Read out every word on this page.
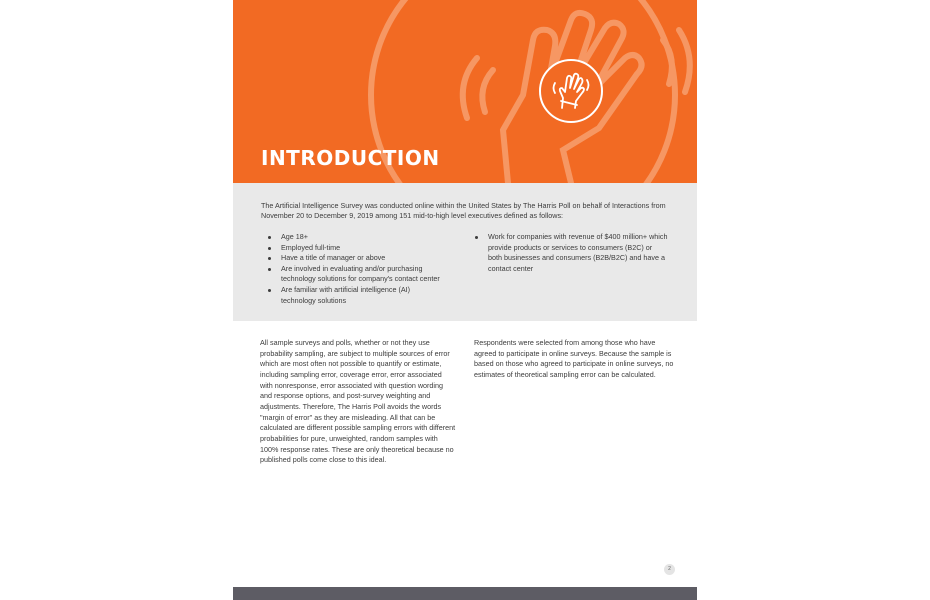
INTRODUCTION

The Artificial Intelligence Survey was conducted online within the United States by The Harris Poll on behalf of Interactions from November 20 to December 9, 2019 among 151 mid-to-high level executives defined as follows:

Age 18+
Employed full-time
Have a title of manager or above
Are involved in evaluating and/or purchasing technology solutions for company's contact center
Are familiar with artificial intelligence (AI) technology solutions
Work for companies with revenue of $400 million+ which provide products or services to consumers (B2C) or both businesses and consumers (B2B/B2C) and have a contact center

All sample surveys and polls, whether or not they use probability sampling, are subject to multiple sources of error which are most often not possible to quantify or estimate, including sampling error, coverage error, error associated with nonresponse, error associated with question wording and response options, and post-survey weighting and adjustments. Therefore, The Harris Poll avoids the words "margin of error" as they are misleading. All that can be calculated are different possible sampling errors with different probabilities for pure, unweighted, random samples with 100% response rates. These are only theoretical because no published polls come close to this ideal.

Respondents were selected from among those who have agreed to participate in online surveys. Because the sample is based on those who agreed to participate in online surveys, no estimates of theoretical sampling error can be calculated.

2
